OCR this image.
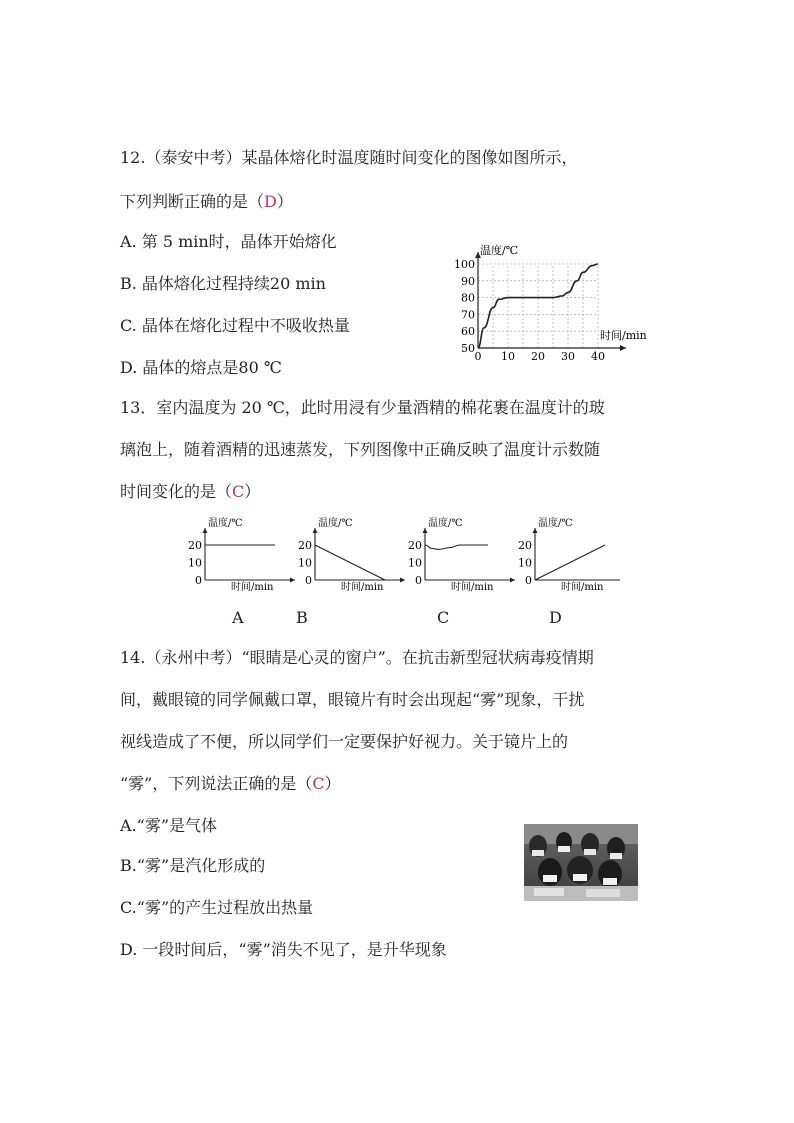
12.（泰安中考）某晶体熔化时温度随时间变化的图像如图所示，
下列判断正确的是（D）
A. 第 5 min时，晶体开始熔化
B. 晶体熔化过程持续20 min
C. 晶体在熔化过程中不吸收热量
D. 晶体的熔点是80 ℃
0 10 20 30 40
50
60
70
80
90
100
温度/℃
时间/min
13．室内温度为 20 ℃，此时用浸有少量酒精的棉花裹在温度计的玻
璃泡上，随着酒精的迅速蒸发，下列图像中正确反映了温度计示数随
时间变化的是（C）
温度/℃
时间/min
0
10
20
温度/℃
时间/min
0
10
20
温度/℃
时间/min
0
10
20
温度/℃
时间/min
0
10
20
A	B	C	D
14.（永州中考）“眼睛是心灵的窗户”。在抗击新型冠状病毒疫情期
间，戴眼镜的同学佩戴口罩，眼镜片有时会出现起“雾”现象，干扰
视线造成了不便，所以同学们一定要保护好视力。关于镜片上的
“雾”，下列说法正确的是（C）
A.“雾”是气体
B.“雾”是汽化形成的
C.“雾”的产生过程放出热量
D. 一段时间后，“雾”消失不见了，是升华现象
